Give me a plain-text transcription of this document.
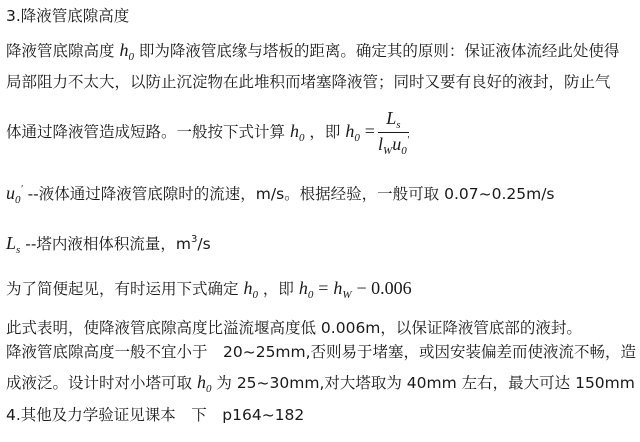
3.降液管底隙高度
降液管底隙高度 $h_0$ 即为降液管底缘与塔板的距离。确定其的原则：保证液体流经此处使得
局部阻力不太大，以防止沉淀物在此堆积而堵塞降液管；同时又要有良好的液封，防止气
体通过降液管造成短路。一般按下式计算 $h_0$ ，即 $h_0$ =
$L_s$
$l_Wu_0'$
$u_0'$ --液体通过降液管底隙时的流速，m/s。根据经验，一般可取 0.07~0.25m/s
$L_s$ --塔内液相体积流量，$m^3/s$
为了简便起见，有时运用下式确定 $h_0$ ，即 $h_0 = h_W - 0.006$
此式表明，使降液管底隙高度比溢流堰高度低 0.006m，以保证降液管底部的液封。
降液管底隙高度一般不宜小于　20~25mm,否则易于堵塞，或因安装偏差而使液流不畅，造
成液泛。设计时对小塔可取 $h_0$ 为 25~30mm,对大塔取为 40mm 左右，最大可达 150mm
4.其他及力学验证见课本　下　p164~182
